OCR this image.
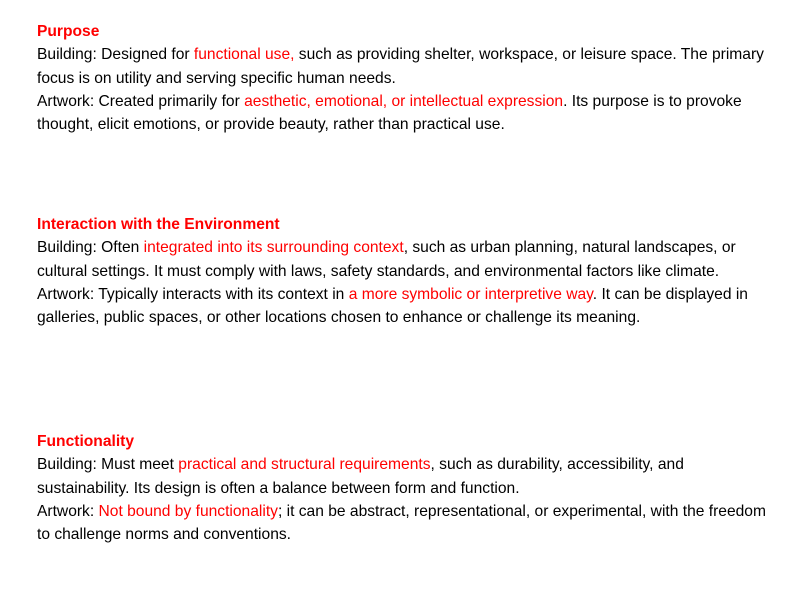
Purpose

Building: Designed for functional use, such as providing shelter, workspace, or leisure space. The primary focus is on utility and serving specific human needs.

Artwork: Created primarily for aesthetic, emotional, or intellectual expression. Its purpose is to provoke thought, elicit emotions, or provide beauty, rather than practical use.

Interaction with the Environment

Building: Often integrated into its surrounding context, such as urban planning, natural landscapes, or cultural settings. It must comply with laws, safety standards, and environmental factors like climate.

Artwork: Typically interacts with its context in a more symbolic or interpretive way. It can be displayed in galleries, public spaces, or other locations chosen to enhance or challenge its meaning.

Functionality

Building: Must meet practical and structural requirements, such as durability, accessibility, and sustainability. Its design is often a balance between form and function.

Artwork: Not bound by functionality; it can be abstract, representational, or experimental, with the freedom to challenge norms and conventions.
